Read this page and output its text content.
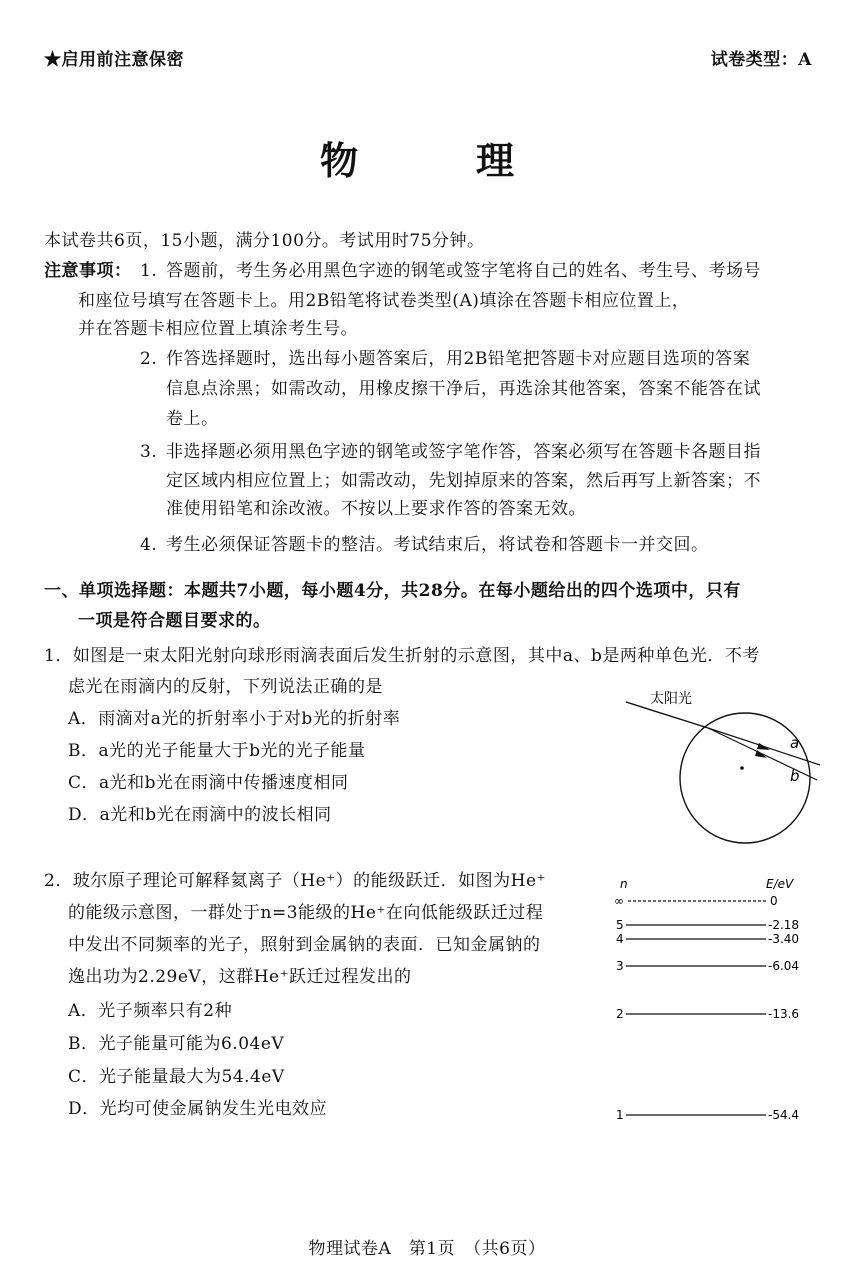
★启用前注意保密	试卷类型：A
物　理
本试卷共6页，15小题，满分100分。考试用时75分钟。
注意事项： 1. 答题前，考生务必用黑色字迹的钢笔或签字笔将自己的姓名、考生号、考场号
和座位号填写在答题卡上。用2B铅笔将试卷类型(A)填涂在答题卡相应位置上，
并在答题卡相应位置上填涂考生号。
2. 作答选择题时，选出每小题答案后，用2B铅笔把答题卡对应题目选项的答案
信息点涂黑；如需改动，用橡皮擦干净后，再选涂其他答案，答案不能答在试
卷上。
3. 非选择题必须用黑色字迹的钢笔或签字笔作答，答案必须写在答题卡各题目指
定区域内相应位置上；如需改动，先划掉原来的答案，然后再写上新答案；不
准使用铅笔和涂改液。不按以上要求作答的答案无效。
4. 考生必须保证答题卡的整洁。考试结束后，将试卷和答题卡一并交回。
一、单项选择题：本题共7小题，每小题4分，共28分。在每小题给出的四个选项中，只有
一项是符合题目要求的。
1．如图是一束太阳光射向球形雨滴表面后发生折射的示意图，其中a、b是两种单色光．不考
虑光在雨滴内的反射，下列说法正确的是
A．雨滴对a光的折射率小于对b光的折射率
B．a光的光子能量大于b光的光子能量
C．a光和b光在雨滴中传播速度相同
D．a光和b光在雨滴中的波长相同
太阳光
a
b
2．玻尔原子理论可解释氦离子（He⁺）的能级跃迁．如图为He⁺
的能级示意图，一群处于n=3能级的He⁺在向低能级跃迁过程
中发出不同频率的光子，照射到金属钠的表面．已知金属钠的
逸出功为2.29eV，这群He⁺跃迁过程发出的
A．光子频率只有2种
B．光子能量可能为6.04eV
C．光子能量最大为54.4eV
D．光均可使金属钠发生光电效应
n	E/eV
∞	0
5	-2.18
4	-3.40
3	-6.04
2	-13.6
1	-54.4
物理试卷A　第1页　（共6页）
